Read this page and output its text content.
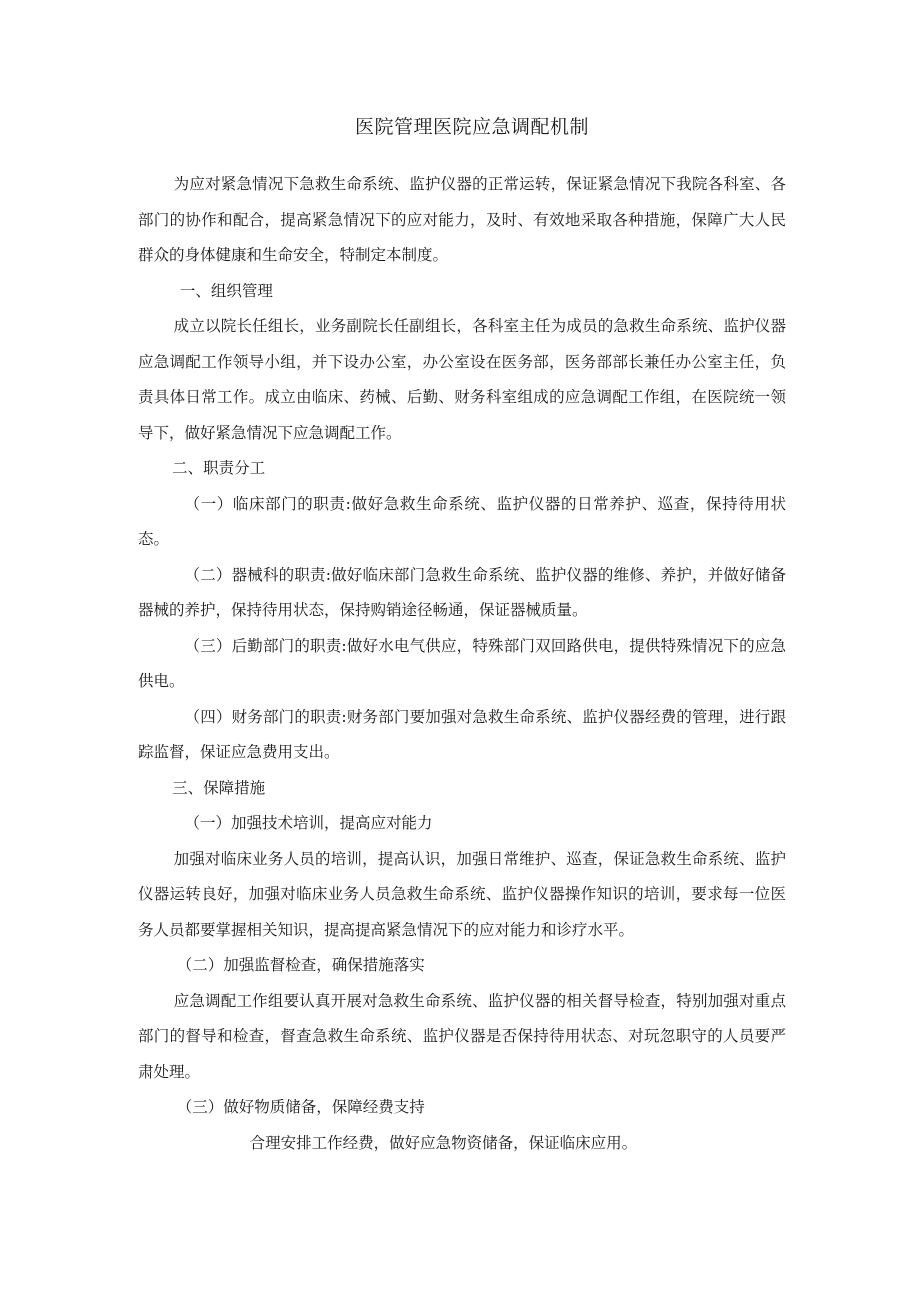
医院管理医院应急调配机制

为应对紧急情况下急救生命系统、监护仪器的正常运转，保证紧急情况下我院各科室、各部门的协作和配合，提高紧急情况下的应对能力，及时、有效地采取各种措施，保障广大人民群众的身体健康和生命安全，特制定本制度。

一、组织管理

成立以院长任组长，业务副院长任副组长，各科室主任为成员的急救生命系统、监护仪器应急调配工作领导小组，并下设办公室，办公室设在医务部，医务部部长兼任办公室主任，负责具体日常工作。成立由临床、药械、后勤、财务科室组成的应急调配工作组，在医院统一领导下，做好紧急情况下应急调配工作。

二、职责分工

（一）临床部门的职责:做好急救生命系统、监护仪器的日常养护、巡查，保持待用状态。

（二）器械科的职责:做好临床部门急救生命系统、监护仪器的维修、养护，并做好储备器械的养护，保持待用状态，保持购销途径畅通，保证器械质量。

（三）后勤部门的职责:做好水电气供应，特殊部门双回路供电，提供特殊情况下的应急供电。

（四）财务部门的职责:财务部门要加强对急救生命系统、监护仪器经费的管理，进行跟踪监督，保证应急费用支出。

三、保障措施

（一）加强技术培训，提高应对能力

加强对临床业务人员的培训，提高认识，加强日常维护、巡查，保证急救生命系统、监护仪器运转良好，加强对临床业务人员急救生命系统、监护仪器操作知识的培训，要求每一位医务人员都要掌握相关知识，提高提高紧急情况下的应对能力和诊疗水平。

（二）加强监督检查，确保措施落实

应急调配工作组要认真开展对急救生命系统、监护仪器的相关督导检查，特别加强对重点部门的督导和检查，督查急救生命系统、监护仪器是否保持待用状态、对玩忽职守的人员要严肃处理。

（三）做好物质储备，保障经费支持

合理安排工作经费，做好应急物资储备，保证临床应用。
